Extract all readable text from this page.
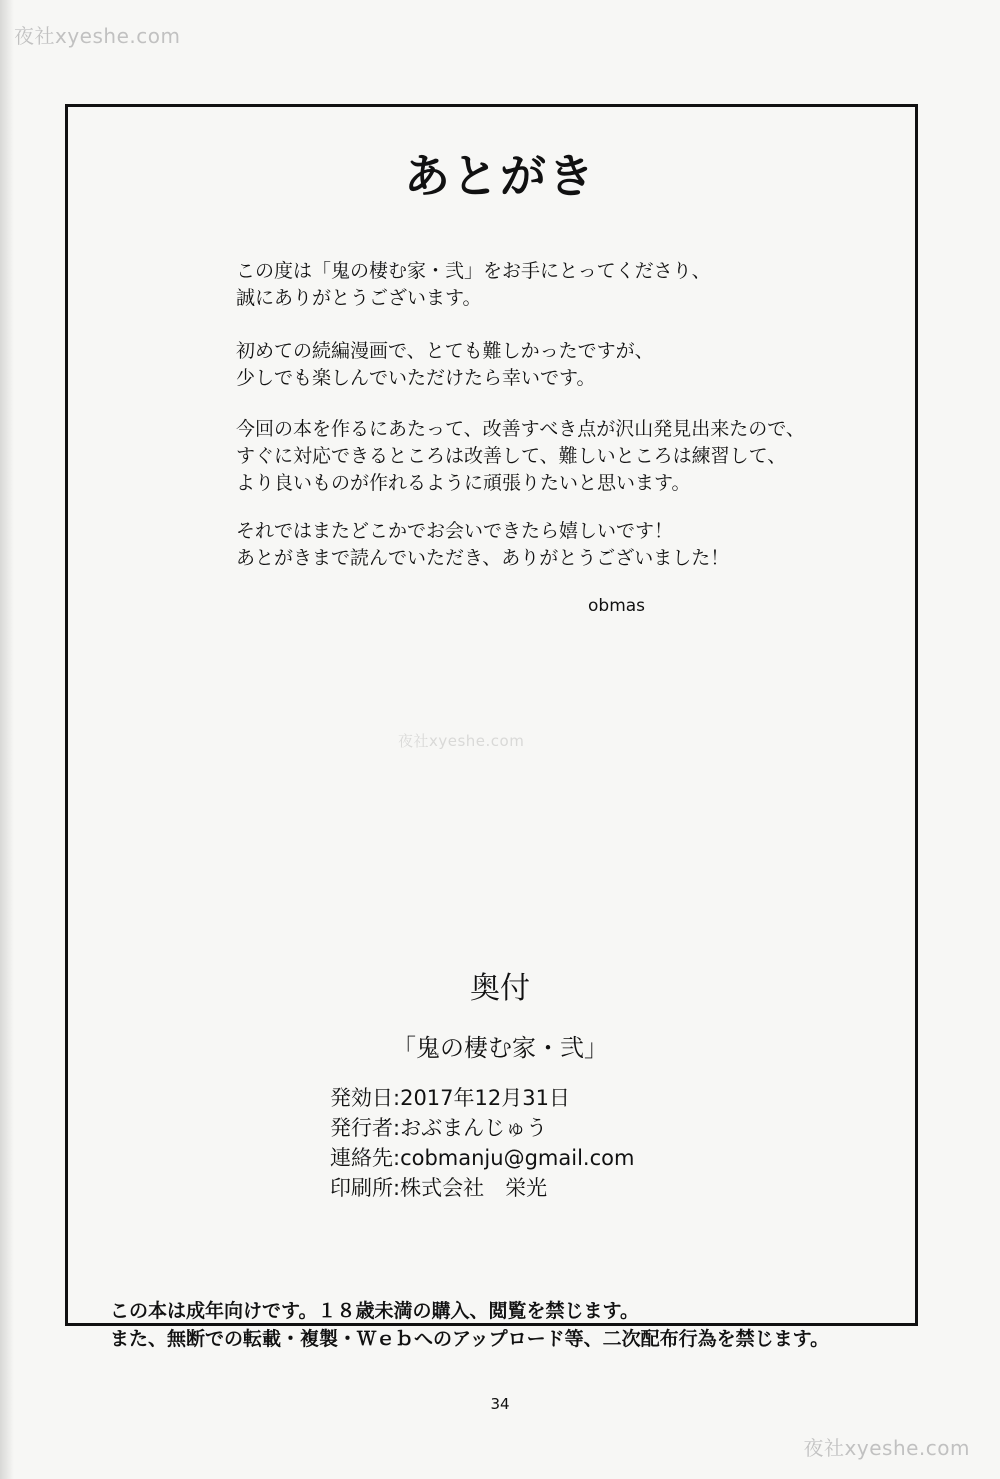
夜社xyeshe.com
夜社xyeshe.com
夜社xyeshe.com
あとがき
この度は「鬼の棲む家・弐」をお手にとってくださり、
誠にありがとうございます。
初めての続編漫画で、とても難しかったですが、
少しでも楽しんでいただけたら幸いです。
今回の本を作るにあたって、改善すべき点が沢山発見出来たので、
すぐに対応できるところは改善して、難しいところは練習して、
より良いものが作れるように頑張りたいと思います。
それではまたどこかでお会いできたら嬉しいです！
あとがきまで読んでいただき、ありがとうございました！
obmas
奥付
「鬼の棲む家・弐」
発効日:2017年12月31日
発行者:おぶまんじゅう
連絡先:cobmanju@gmail.com
印刷所:株式会社　栄光
この本は成年向けです。１８歳未満の購入、閲覧を禁じます。
また、無断での転載・複製・Ｗｅｂへのアップロード等、二次配布行為を禁じます。
34
